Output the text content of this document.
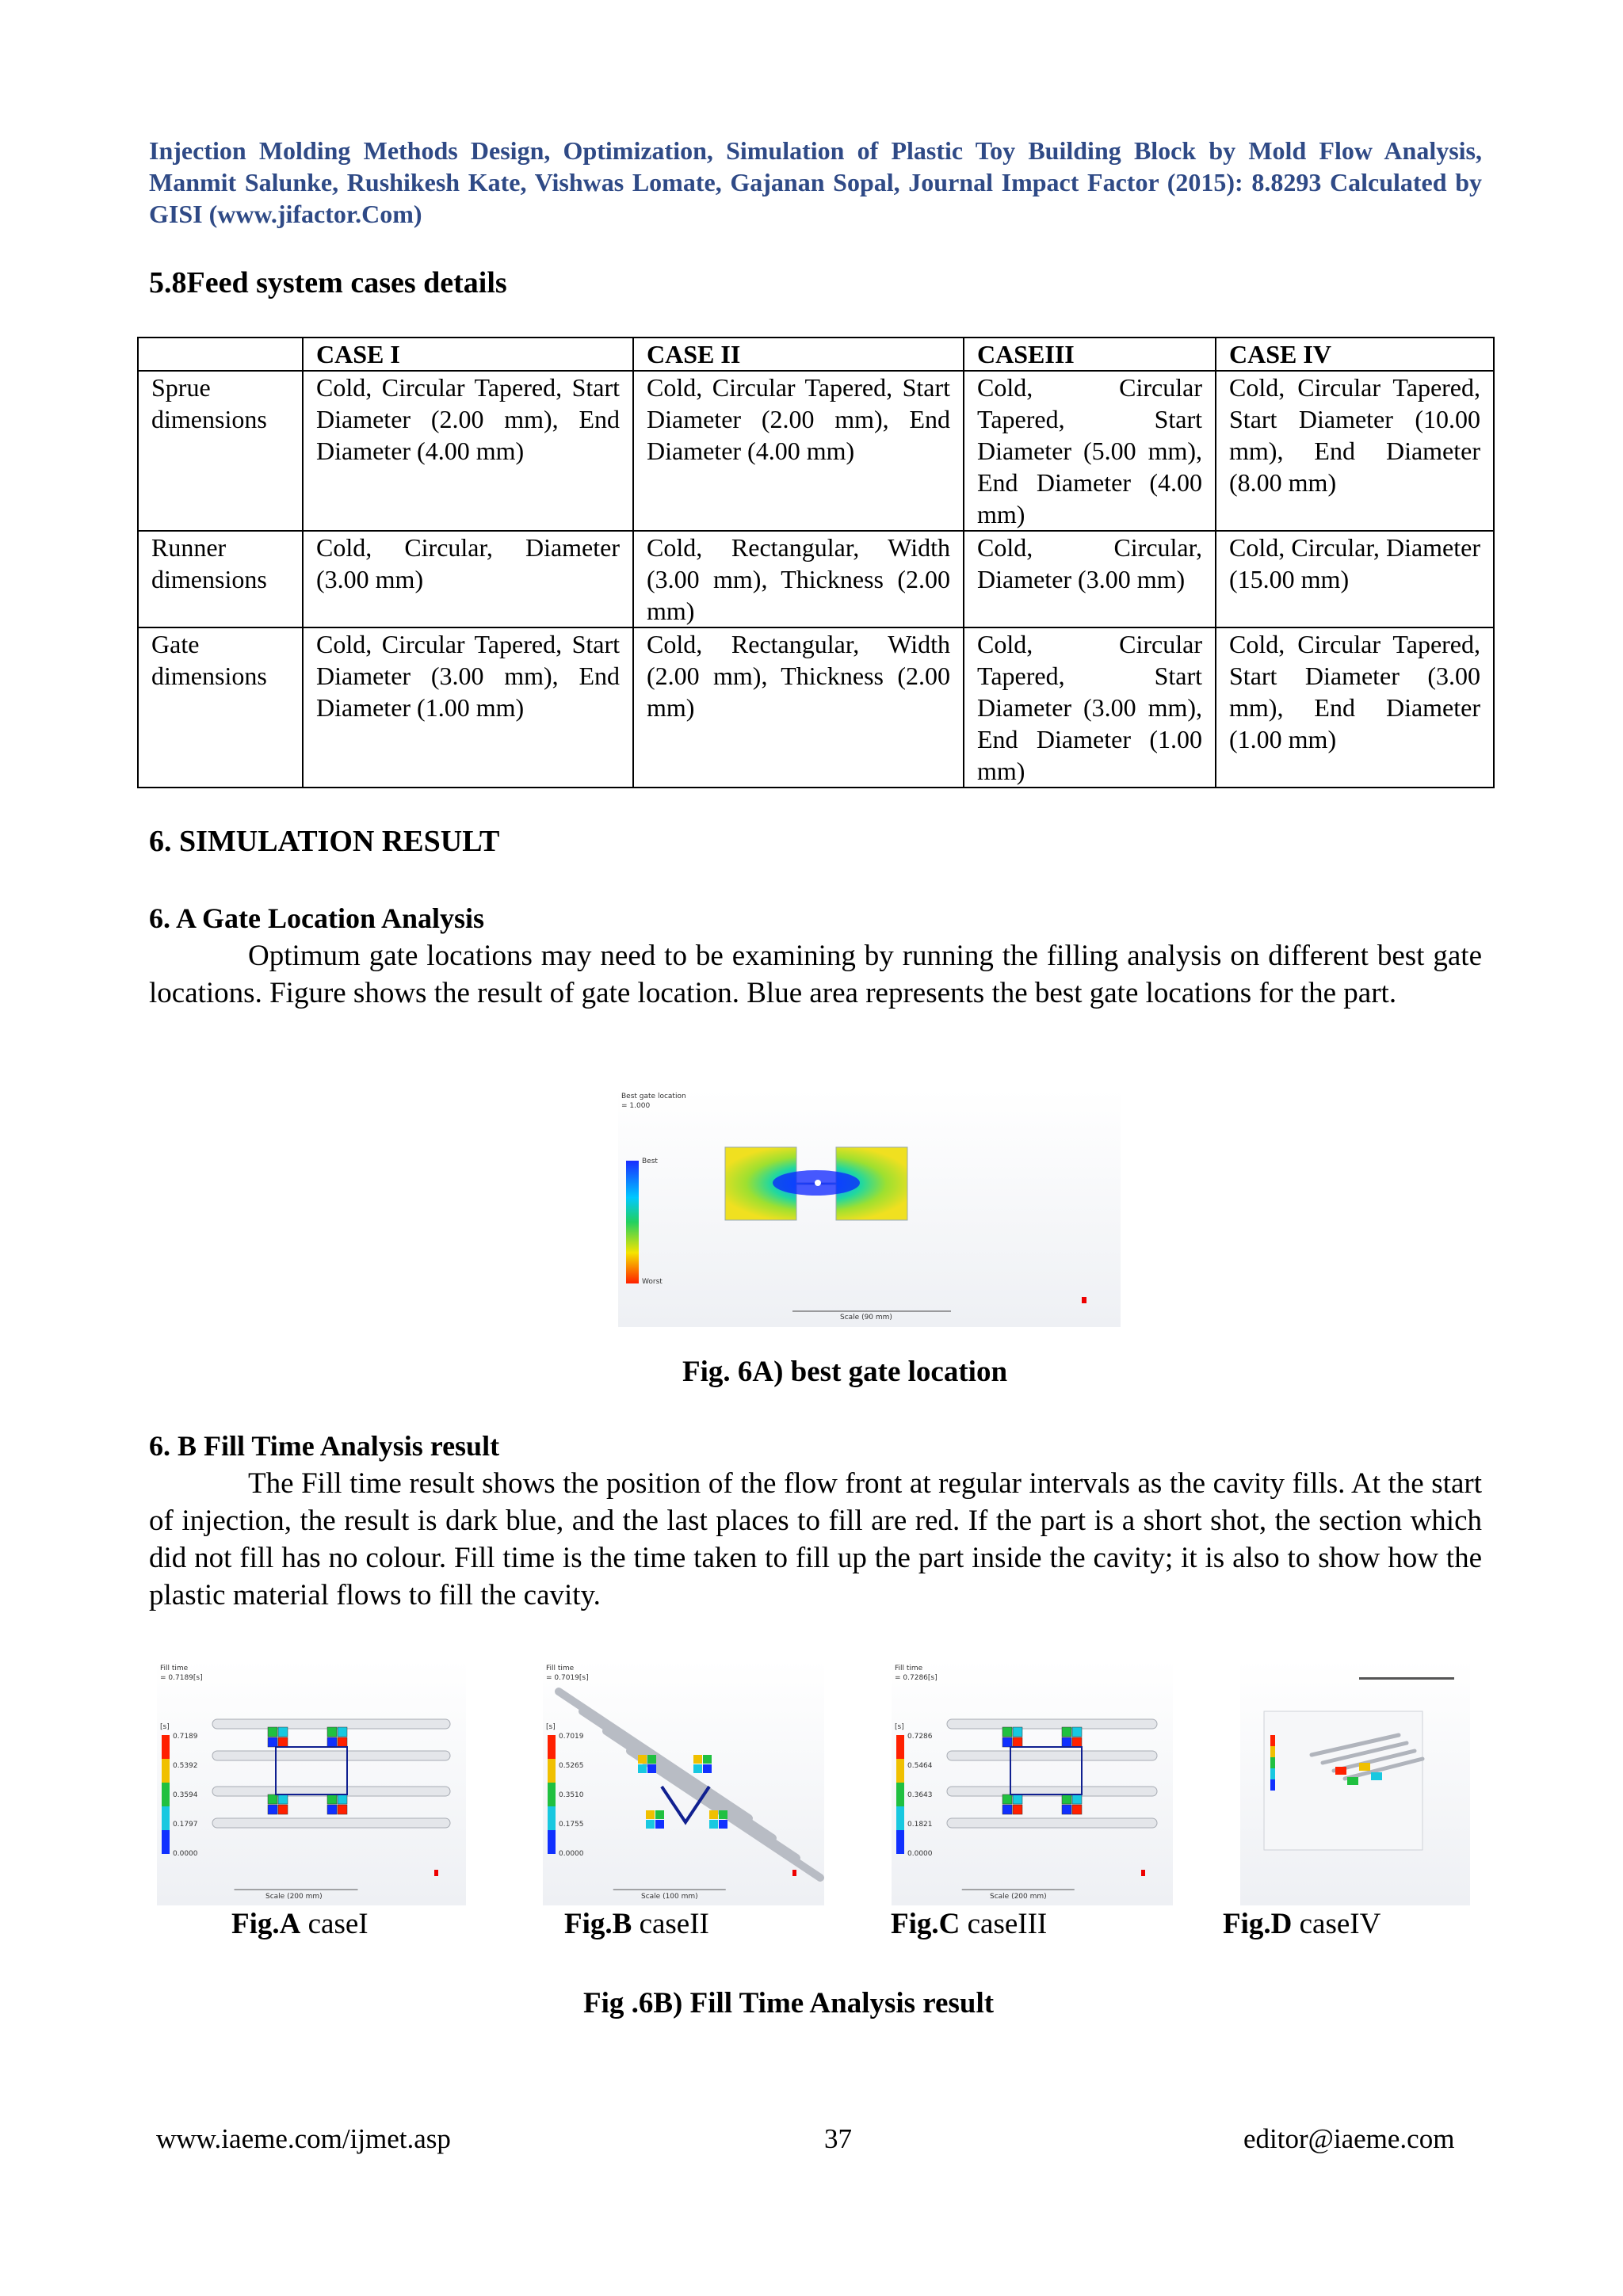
Injection Molding Methods Design, Optimization, Simulation of Plastic Toy Building Block by Mold Flow Analysis, Manmit Salunke, Rushikesh Kate, Vishwas Lomate, Gajanan Sopal, Journal Impact Factor (2015): 8.8293 Calculated by GISI (www.jifactor.Com)
5.8Feed system cases details
	CASE I	CASE II	CASEIII	CASE IV
Sprue dimensions	Cold, Circular Tapered, Start Diameter (2.00 mm), End Diameter (4.00 mm)	Cold, Circular Tapered, Start Diameter (2.00 mm), End Diameter (4.00 mm)	Cold, Circular Tapered, Start Diameter (5.00 mm), End Diameter (4.00 mm)	Cold, Circular Tapered, Start Diameter (10.00 mm), End Diameter (8.00 mm)
Runner dimensions	Cold, Circular, Diameter (3.00 mm)	Cold, Rectangular, Width (3.00 mm), Thickness (2.00 mm)	Cold, Circular, Diameter (3.00 mm)	Cold, Circular, Diameter (15.00 mm)
Gate dimensions	Cold, Circular Tapered, Start Diameter (3.00 mm), End Diameter (1.00 mm)	Cold, Rectangular, Width (2.00 mm), Thickness (2.00 mm)	Cold, Circular Tapered, Start Diameter (3.00 mm), End Diameter (1.00 mm)	Cold, Circular Tapered, Start Diameter (3.00 mm), End Diameter (1.00 mm)
6. SIMULATION RESULT
6. A Gate Location Analysis
Optimum gate locations may need to be examining by running the filling analysis on different best gate locations. Figure shows the result of gate location. Blue area represents the best gate locations for the part.
Best gate location
= 1.000
Best
Worst
Scale (90 mm)
Fig. 6A) best gate location
6. B Fill Time Analysis result
The Fill time result shows the position of the flow front at regular intervals as the cavity fills. At the start of injection, the result is dark blue, and the last places to fill are red. If the part is a short shot, the section which did not fill has no colour. Fill time is the time taken to fill up the part inside the cavity; it is also to show how the plastic material flows to fill the cavity.
Fill time
= 0.7189[s]
[s]
0.7189
0.5392
0.3594
0.1797
0.0000
Scale (200 mm)
Fill time
= 0.7019[s]
[s]
0.7019
0.5265
0.3510
0.1755
0.0000
Scale (100 mm)
Fill time
= 0.7286[s]
[s]
0.7286
0.5464
0.3643
0.1821
0.0000
Scale (200 mm)
Fig.A caseI	Fig.B caseII	Fig.C caseIII	Fig.D caseIV
Fig .6B) Fill Time Analysis result
www.iaeme.com/ijmet.asp	37	editor@iaeme.com
